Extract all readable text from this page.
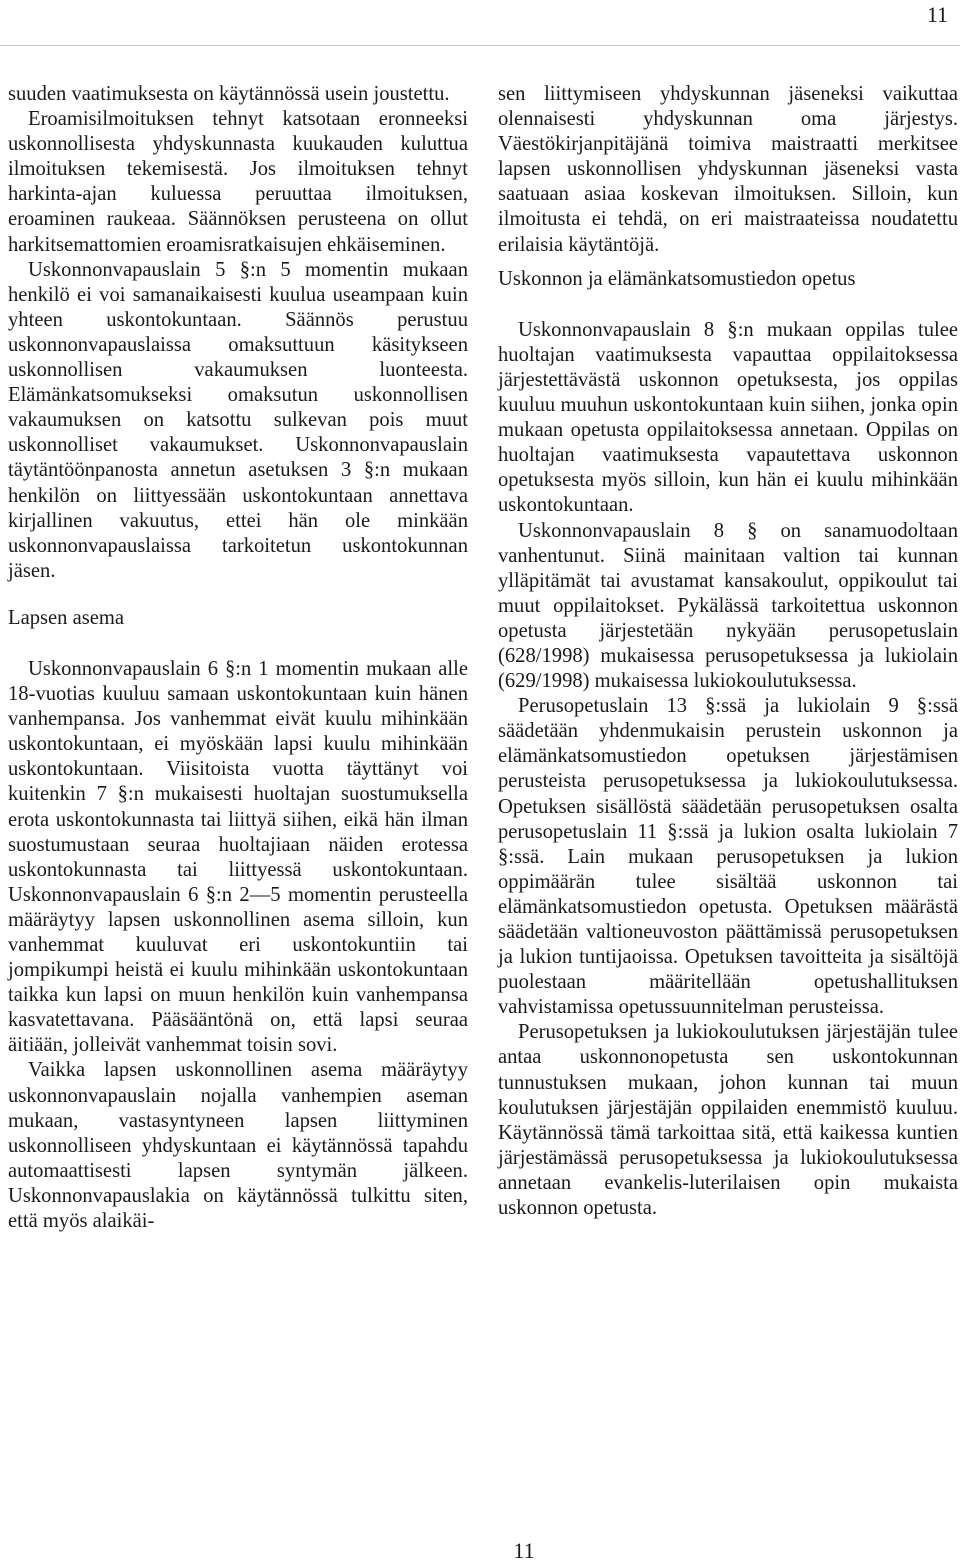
11

suuden vaatimuksesta on käytännössä usein joustettu.

Eroamisilmoituksen tehnyt katsotaan eronneeksi uskonnollisesta yhdyskunnasta kuukauden kuluttua ilmoituksen tekemisestä. Jos ilmoituksen tehnyt harkinta-ajan kuluessa peruuttaa ilmoituksen, eroaminen raukeaa. Säännöksen perusteena on ollut harkitsemattomien eroamisratkaisujen ehkäiseminen.

Uskonnonvapauslain 5 §:n 5 momentin mukaan henkilö ei voi samanaikaisesti kuulua useampaan kuin yhteen uskontokuntaan. Säännös perustuu uskonnonvapauslaissa omaksuttuun käsitykseen uskonnollisen vakaumuksen luonteesta. Elämänkatsomukseksi omaksutun uskonnollisen vakaumuksen on katsottu sulkevan pois muut uskonnolliset vakaumukset. Uskonnonvapauslain täytäntöönpanosta annetun asetuksen 3 §:n mukaan henkilön on liittyessään uskontokuntaan annettava kirjallinen vakuutus, ettei hän ole minkään uskonnonvapauslaissa tarkoitetun uskontokunnan jäsen.

Lapsen asema

Uskonnonvapauslain 6 §:n 1 momentin mukaan alle 18-vuotias kuuluu samaan uskontokuntaan kuin hänen vanhempansa. Jos vanhemmat eivät kuulu mihinkään uskontokuntaan, ei myöskään lapsi kuulu mihinkään uskontokuntaan. Viisitoista vuotta täyttänyt voi kuitenkin 7 §:n mukaisesti huoltajan suostumuksella erota uskontokunnasta tai liittyä siihen, eikä hän ilman suostumustaan seuraa huoltajiaan näiden erotessa uskontokunnasta tai liittyessä uskontokuntaan. Uskonnonvapauslain 6 §:n 2—5 momentin perusteella määräytyy lapsen uskonnollinen asema silloin, kun vanhemmat kuuluvat eri uskontokuntiin tai jompikumpi heistä ei kuulu mihinkään uskontokuntaan taikka kun lapsi on muun henkilön kuin vanhempansa kasvatettavana. Pääsääntönä on, että lapsi seuraa äitiään, jolleivät vanhemmat toisin sovi.

Vaikka lapsen uskonnollinen asema määräytyy uskonnonvapauslain nojalla vanhempien aseman mukaan, vastasyntyneen lapsen liittyminen uskonnolliseen yhdyskuntaan ei käytännössä tapahdu automaattisesti lapsen syntymän jälkeen. Uskonnonvapauslakia on käytännössä tulkittu siten, että myös alaikäi-

sen liittymiseen yhdyskunnan jäseneksi vaikuttaa olennaisesti yhdyskunnan oma järjestys. Väestökirjanpitäjänä toimiva maistraatti merkitsee lapsen uskonnollisen yhdyskunnan jäseneksi vasta saatuaan asiaa koskevan ilmoituksen. Silloin, kun ilmoitusta ei tehdä, on eri maistraateissa noudatettu erilaisia käytäntöjä.

Uskonnon ja elämänkatsomustiedon opetus

Uskonnonvapauslain 8 §:n mukaan oppilas tulee huoltajan vaatimuksesta vapauttaa oppilaitoksessa järjestettävästä uskonnon opetuksesta, jos oppilas kuuluu muuhun uskontokuntaan kuin siihen, jonka opin mukaan opetusta oppilaitoksessa annetaan. Oppilas on huoltajan vaatimuksesta vapautettava uskonnon opetuksesta myös silloin, kun hän ei kuulu mihinkään uskontokuntaan.

Uskonnonvapauslain 8 § on sanamuodoltaan vanhentunut. Siinä mainitaan valtion tai kunnan ylläpitämät tai avustamat kansakoulut, oppikoulut tai muut oppilaitokset. Pykälässä tarkoitettua uskonnon opetusta järjestetään nykyään perusopetuslain (628/1998) mukaisessa perusopetuksessa ja lukiolain (629/1998) mukaisessa lukiokoulutuksessa.

Perusopetuslain 13 §:ssä ja lukiolain 9 §:ssä säädetään yhdenmukaisin perustein uskonnon ja elämänkatsomustiedon opetuksen järjestämisen perusteista perusopetuksessa ja lukiokoulutuksessa. Opetuksen sisällöstä säädetään perusopetuksen osalta perusopetuslain 11 §:ssä ja lukion osalta lukiolain 7 §:ssä. Lain mukaan perusopetuksen ja lukion oppimäärän tulee sisältää uskonnon tai elämänkatsomustiedon opetusta. Opetuksen määrästä säädetään valtioneuvoston päättämissä perusopetuksen ja lukion tuntijaoissa. Opetuksen tavoitteita ja sisältöjä puolestaan määritellään opetushallituksen vahvistamissa opetussuunnitelman perusteissa.

Perusopetuksen ja lukiokoulutuksen järjestäjän tulee antaa uskonnonopetusta sen uskontokunnan tunnustuksen mukaan, johon kunnan tai muun koulutuksen järjestäjän oppilaiden enemmistö kuuluu. Käytännössä tämä tarkoittaa sitä, että kaikessa kuntien järjestämässä perusopetuksessa ja lukiokoulutuksessa annetaan evankelis-luterilaisen opin mukaista uskonnon opetusta.

11
